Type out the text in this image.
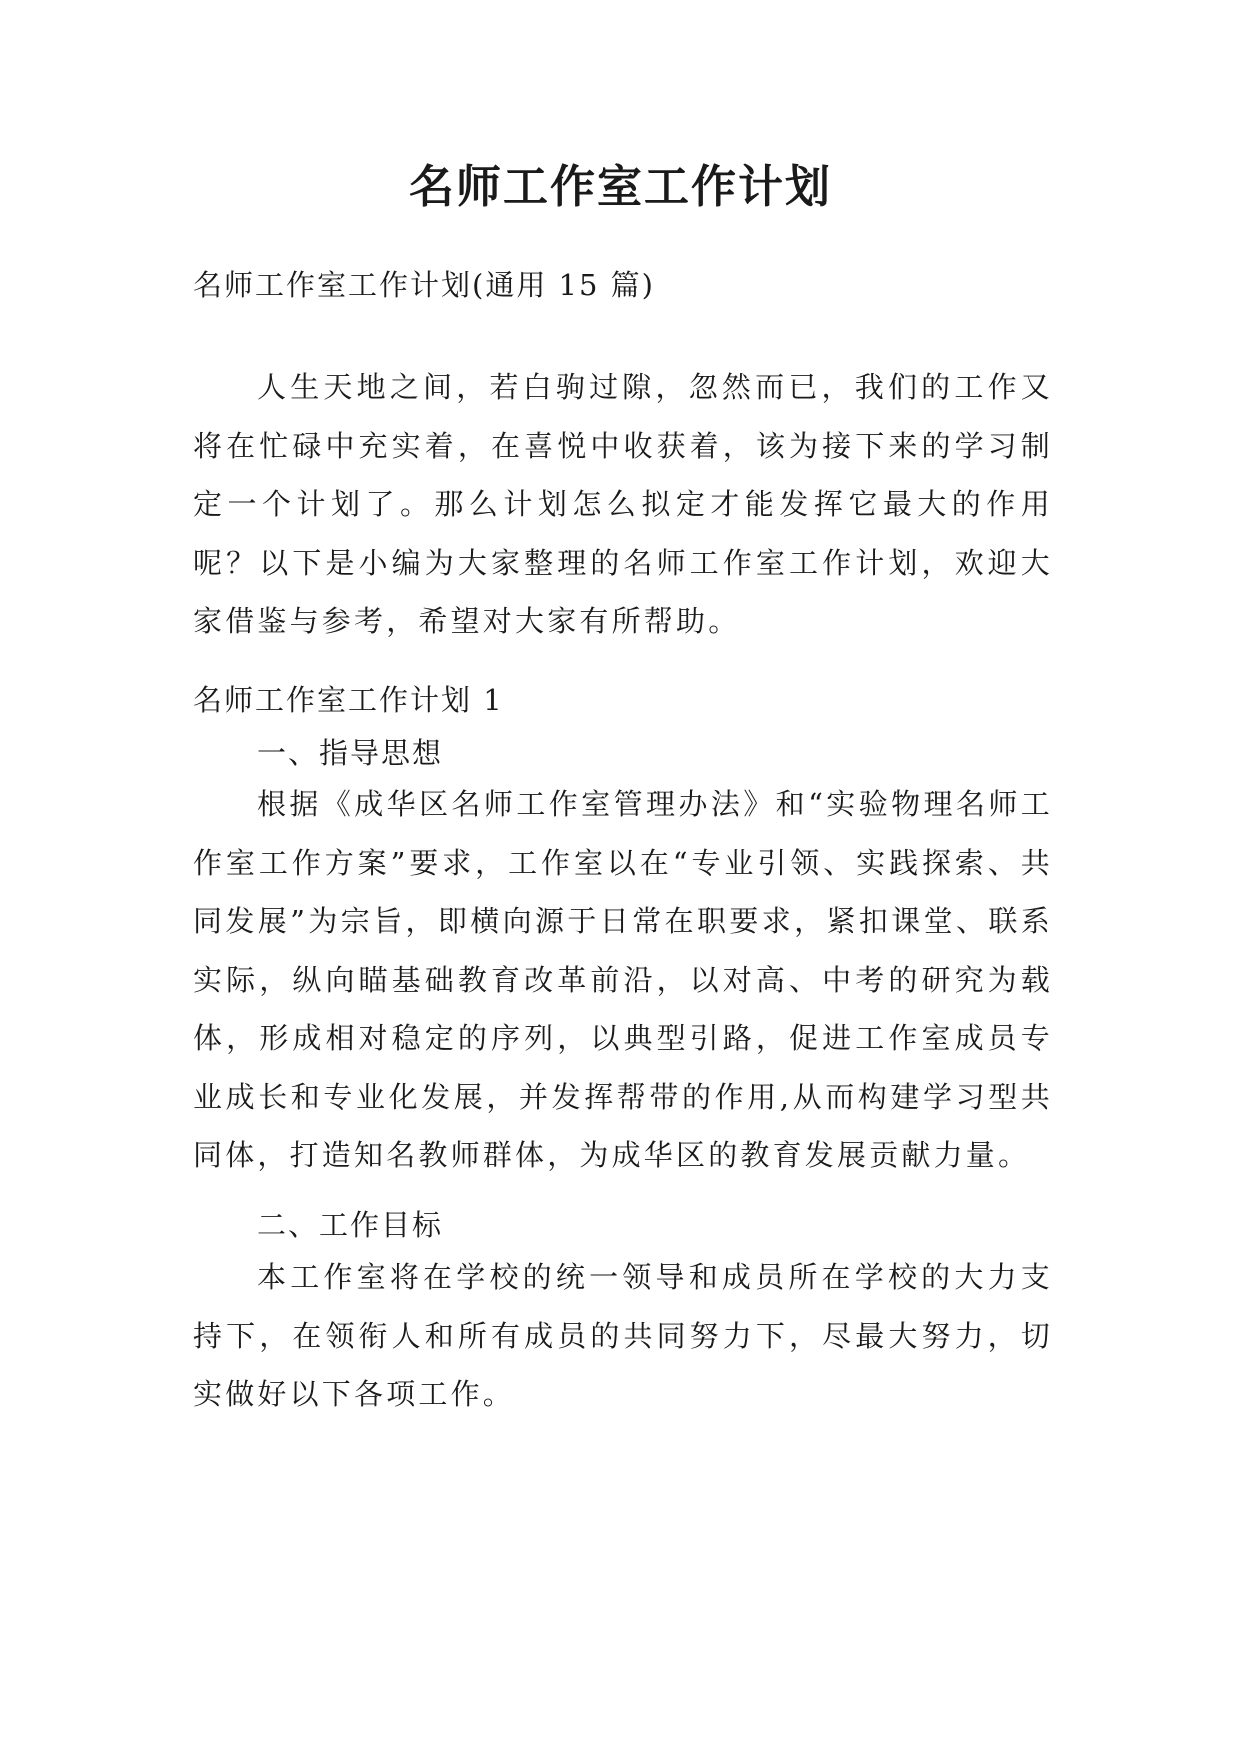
名师工作室工作计划
名师工作室工作计划(通用 15 篇)

人生天地之间，若白驹过隙，忽然而已，我们的工作又将在忙碌中充实着，在喜悦中收获着，该为接下来的学习制定一个计划了。那么计划怎么拟定才能发挥它最大的作用呢？以下是小编为大家整理的名师工作室工作计划，欢迎大家借鉴与参考，希望对大家有所帮助。

名师工作室工作计划 1
一、指导思想

根据《成华区名师工作室管理办法》和“实验物理名师工作室工作方案”要求，工作室以在“专业引领、实践探索、共同发展”为宗旨，即横向源于日常在职要求，紧扣课堂、联系实际，纵向瞄基础教育改革前沿，以对高、中考的研究为载体，形成相对稳定的序列，以典型引路，促进工作室成员专业成长和专业化发展，并发挥帮带的作用,从而构建学习型共同体，打造知名教师群体，为成华区的教育发展贡献力量。

二、工作目标

本工作室将在学校的统一领导和成员所在学校的大力支持下，在领衔人和所有成员的共同努力下，尽最大努力，切实做好以下各项工作。
